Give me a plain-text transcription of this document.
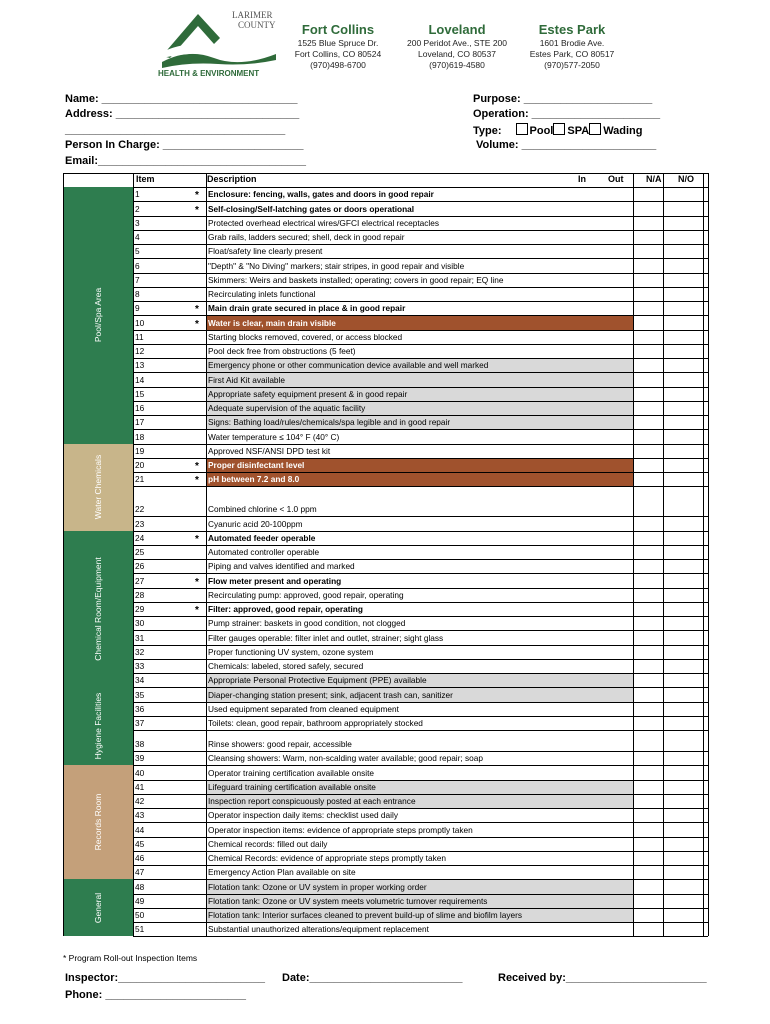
LARIMER
COUNTY
HEALTH & ENVIRONMENT
Fort Collins
1525 Blue Spruce Dr.
Fort Collins, CO 80524
(970)498-6700
Loveland
200 Peridot Ave., STE 200
Loveland, CO 80537
(970)619-4580
Estes Park
1601 Brodie Ave.
Estes Park, CO 80517
(970)577-2050
Name: ________________________________
Address: ______________________________
____________________________________
Person In Charge: _______________________
Email:__________________________________
Purpose: _____________________
Operation: _____________________
Type:	Pool SPA Wading
Volume: ______________________
Item	Description	In Out	N/A N/O
1	* Enclosure: fencing, walls, gates and doors in good repair
2	* Self-closing/Self-latching gates or doors operational
3	Protected overhead electrical wires/GFCI electrical receptacles
4	Grab rails, ladders secured; shell, deck in good repair
5	Float/safety line clearly present
6	"Depth" & "No Diving" markers; stair stripes, in good repair and visible
7	Skimmers: Weirs and baskets installed; operating; covers in good repair; EQ line
8	Recirculating inlets functional
9	* Main drain grate secured in place & in good repair
10	* Water is clear, main drain visible
11	Starting blocks removed, covered, or access blocked
12	Pool deck free from obstructions (5 feet)
13	Emergency phone or other communication device available and well marked
14	First Aid Kit available
15	Appropriate safety equipment present & in good repair
16	Adequate supervision of the aquatic facility
17	Signs: Bathing load/rules/chemicals/spa legible and in good repair
18	Water temperature ≤ 104° F (40° C)
19	Approved NSF/ANSI DPD test kit
20	* Proper disinfectant level
21	* pH between 7.2 and 8.0
22	Combined chlorine < 1.0 ppm
23	Cyanuric acid 20-100ppm
24	* Automated feeder operable
25	Automated controller operable
26	Piping and valves identified and marked
27	* Flow meter present and operating
28	Recirculating pump: approved, good repair, operating
29	* Filter: approved, good repair, operating
30	Pump strainer: baskets in good condition, not clogged
31	Filter gauges operable: filter inlet and outlet, strainer; sight glass
32	Proper functioning UV system, ozone system
33	Chemicals: labeled, stored safely, secured
34	Appropriate Personal Protective Equipment (PPE) available
35	Diaper-changing station present; sink, adjacent trash can, sanitizer
36	Used equipment separated from cleaned equipment
37	Toilets: clean, good repair, bathroom appropriately stocked
38	Rinse showers: good repair, accessible
39	Cleansing showers: Warm, non-scalding water available; good repair; soap
40	Operator training certification available onsite
41	Lifeguard training certification available onsite
42	Inspection report conspicuously posted at each entrance
43	Operator inspection daily items: checklist used daily
44	Operator inspection items: evidence of appropriate steps promptly taken
45	Chemical records: filled out daily
46	Chemical Records: evidence of appropriate steps promptly taken
47	Emergency Action Plan available on site
48	Flotation tank: Ozone or UV system in proper working order
49	Flotation tank: Ozone or UV system meets volumetric turnover requirements
50	Flotation tank: Interior surfaces cleaned to prevent build-up of slime and biofilm layers
51	Substantial unauthorized alterations/equipment replacement
Pool/Spa Area
Water Chemicals
Chemical Room/Equipment
Hygiene Facilities
Records Room
General
* Program Roll-out Inspection Items
Inspector:________________________ Date:_________________________	Received by:_______________________
Phone: _______________________
